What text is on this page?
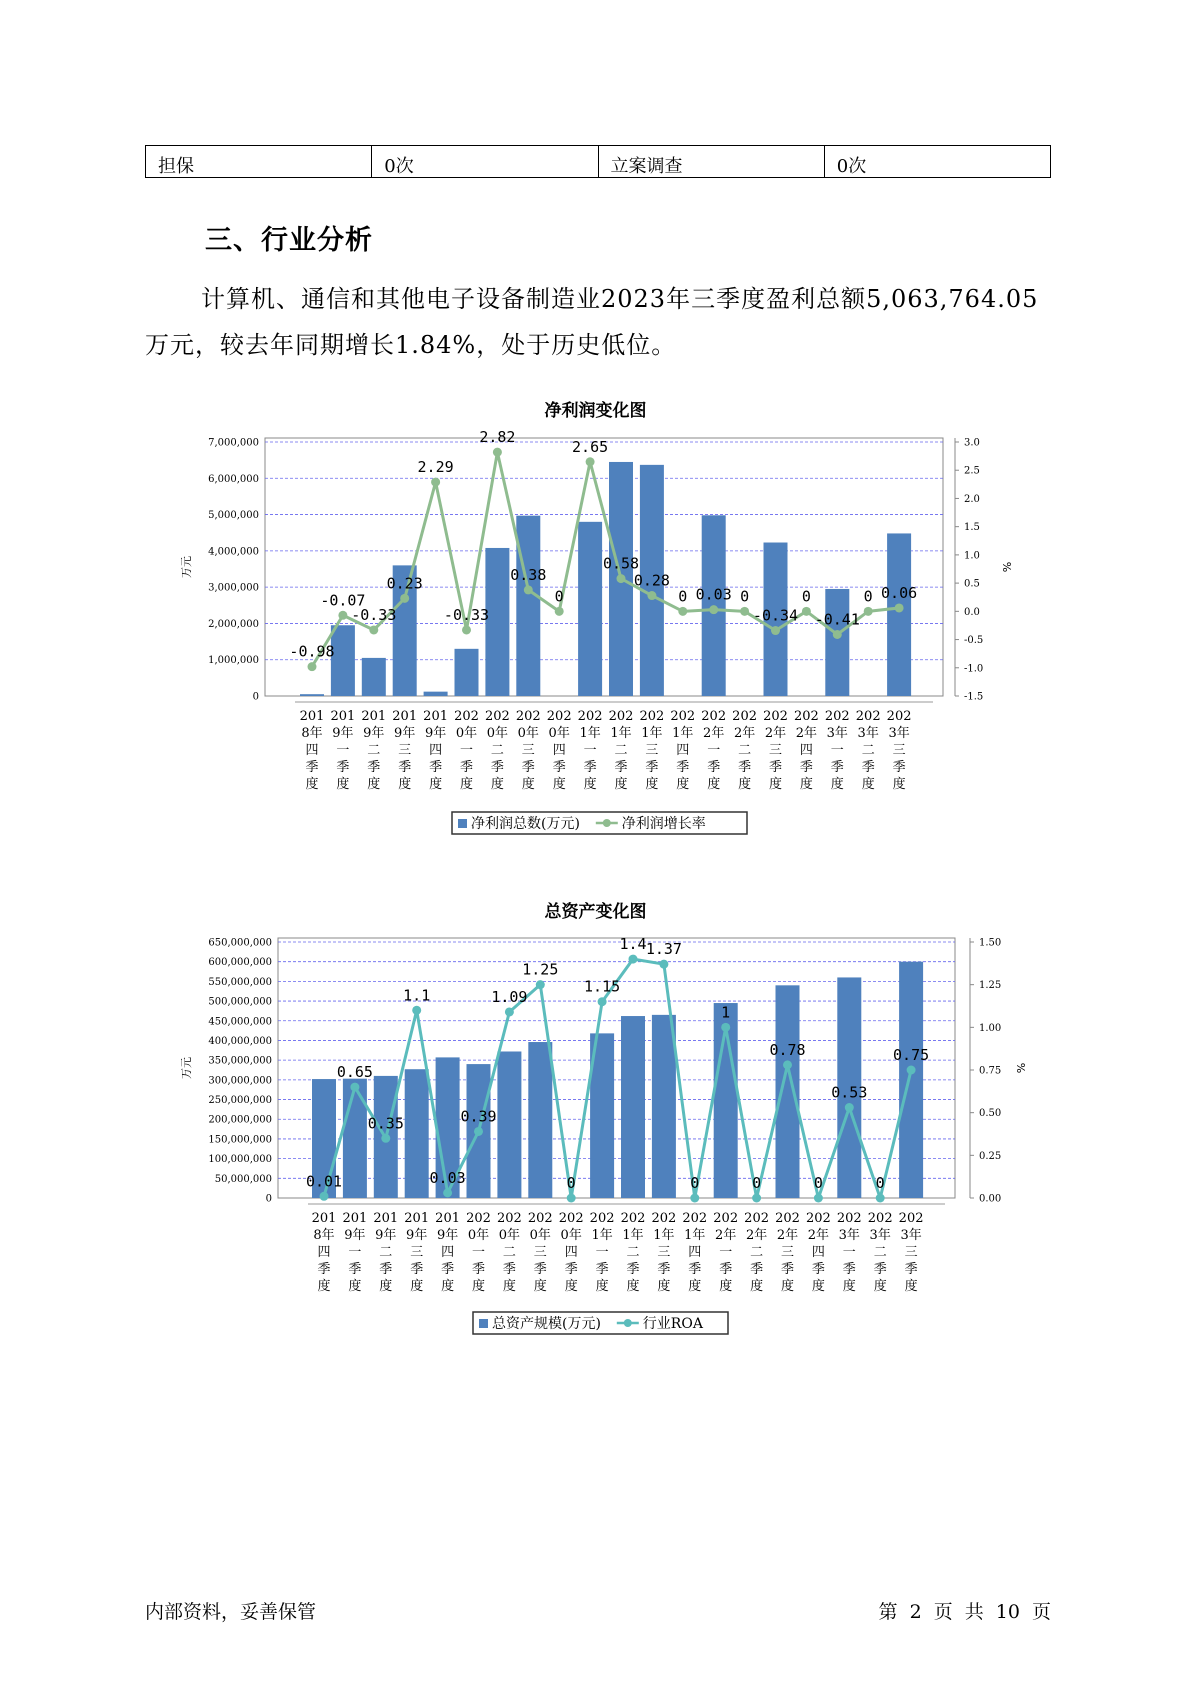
担保	0次	立案调查	0次
三、行业分析

计算机、通信和其他电子设备制造业2023年三季度盈利总额5,063,764.05万元，较去年同期增长1.84%，处于历史低位。

净利润变化图
0
1,000,000
2,000,000
3,000,000
4,000,000
5,000,000
6,000,000
7,000,000
-1.5
-1.0
-0.5
0.0
0.5
1.0
1.5
2.0
2.5
3.0
万元	%
-0.98
-0.07
-0.33
0.23
2.29
-0.33
2.82
0.38
0
2.65
0.58
0.28
0 0.03 0
-0.34
0
-0.41
0 0.06
201
8年
四
季
度
201
9年
一
季
度
201
9年
二
季
度
201
9年
三
季
度
201
9年
四
季
度
202
0年
一
季
度
202
0年
二
季
度
202
0年
三
季
度
202
0年
四
季
度
202
1年
一
季
度
202
1年
二
季
度
202
1年
三
季
度
202
1年
四
季
度
202
2年
一
季
度
202
2年
二
季
度
202
2年
三
季
度
202
2年
四
季
度
202
3年
一
季
度
202
3年
二
季
度
202
3年
三
季
度
净利润总数(万元)	净利润增长率
总资产变化图
0
50,000,000
100,000,000
150,000,000
200,000,000
250,000,000
300,000,000
350,000,000
400,000,000
450,000,000
500,000,000
550,000,000
600,000,000
650,000,000
0.00
0.25
0.50
0.75
1.00
1.25
1.50
万元	%
0.01
0.65
0.35
1.1
0.03
0.39
1.09
1.25
0
1.15
1.4 1.37
0
1
0
0.78
0
0.53
0
0.75
201
8年
四
季
度
201
9年
一
季
度
201
9年
二
季
度
201
9年
三
季
度
201
9年
四
季
度
202
0年
一
季
度
202
0年
二
季
度
202
0年
三
季
度
202
0年
四
季
度
202
1年
一
季
度
202
1年
二
季
度
202
1年
三
季
度
202
1年
四
季
度
202
2年
一
季
度
202
2年
二
季
度
202
2年
三
季
度
202
2年
四
季
度
202
3年
一
季
度
202
3年
二
季
度
202
3年
三
季
度
总资产规模(万元)	行业ROA
内部资料，妥善保管	第 2 页 共 10 页
